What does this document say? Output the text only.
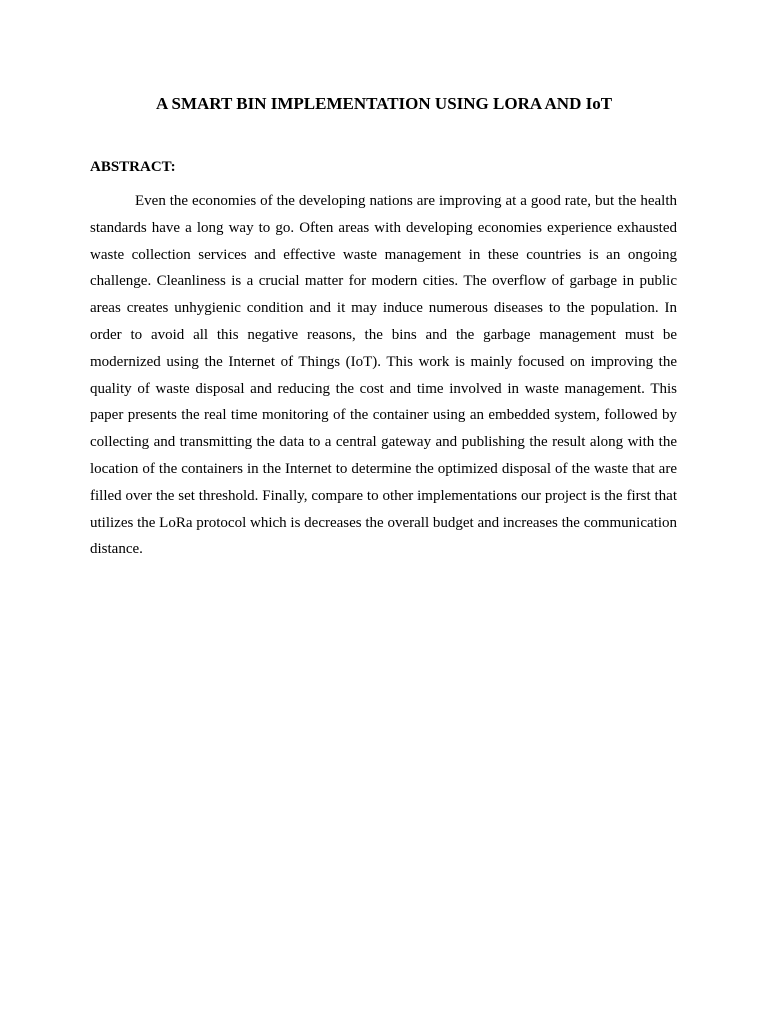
A SMART BIN IMPLEMENTATION USING LORA AND IoT
ABSTRACT:

Even the economies of the developing nations are improving at a good rate, but the health standards have a long way to go. Often areas with developing economies experience exhausted waste collection services and effective waste management in these countries is an ongoing challenge. Cleanliness is a crucial matter for modern cities. The overflow of garbage in public areas creates unhygienic condition and it may induce numerous diseases to the population. In order to avoid all this negative reasons, the bins and the garbage management must be modernized using the Internet of Things (IoT). This work is mainly focused on improving the quality of waste disposal and reducing the cost and time involved in waste management. This paper presents the real time monitoring of the container using an embedded system, followed by collecting and transmitting the data to a central gateway and publishing the result along with the location of the containers in the Internet to determine the optimized disposal of the waste that are filled over the set threshold. Finally, compare to other implementations our project is the first that utilizes the LoRa protocol which is decreases the overall budget and increases the communication distance.
